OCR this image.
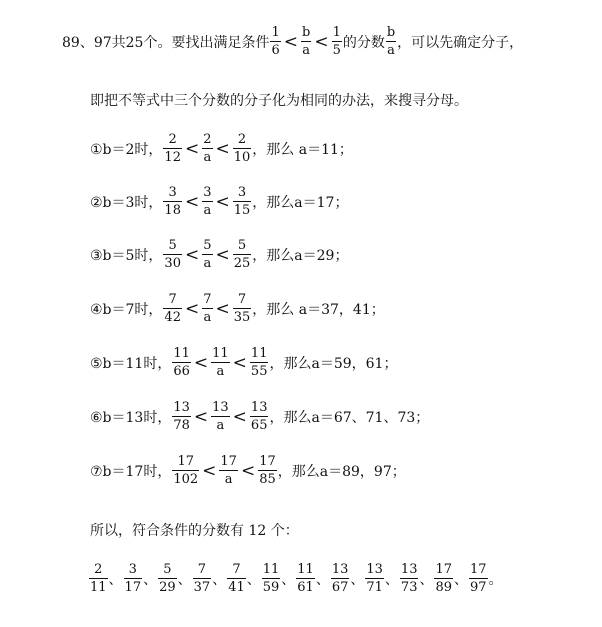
89、97共25个。要找出满足条件 $\frac{1}{6} < \frac{b}{a} < \frac{1}{5}$ 的分数 $\frac{b}{a}$ ，可以先确定分子，
即把不等式中三个分数的分子化为相同的办法，来搜寻分母。
①b＝2时， $\frac{2}{12} < \frac{2}{a} < \frac{2}{10}$ ，那么 a＝11；
②b＝3时， $\frac{3}{18} < \frac{3}{a} < \frac{3}{15}$ ，那么a＝17；
③b＝5时， $\frac{5}{30} < \frac{5}{a} < \frac{5}{25}$ ，那么a＝29；
④b＝7时， $\frac{7}{42} < \frac{7}{a} < \frac{7}{35}$ ，那么 a＝37，41；
⑤b＝11时， $\frac{11}{66} < \frac{11}{a} < \frac{11}{55}$ ，那么a＝59，61；
⑥b＝13时， $\frac{13}{78} < \frac{13}{a} < \frac{13}{65}$ ，那么a＝67、71、73；
⑦b＝17时， $\frac{17}{102} < \frac{17}{a} < \frac{17}{85}$ ，那么a＝89，97；
所以，符合条件的分数有 12 个：
$\frac{2}{11}$ 、 $\frac{3}{17}$ 、 $\frac{5}{29}$ 、 $\frac{7}{37}$ 、 $\frac{7}{41}$ 、 $\frac{11}{59}$ 、 $\frac{11}{61}$ 、 $\frac{13}{67}$ 、 $\frac{13}{71}$ 、 $\frac{13}{73}$ 、 $\frac{17}{89}$ 、 $\frac{17}{97}$ 。
